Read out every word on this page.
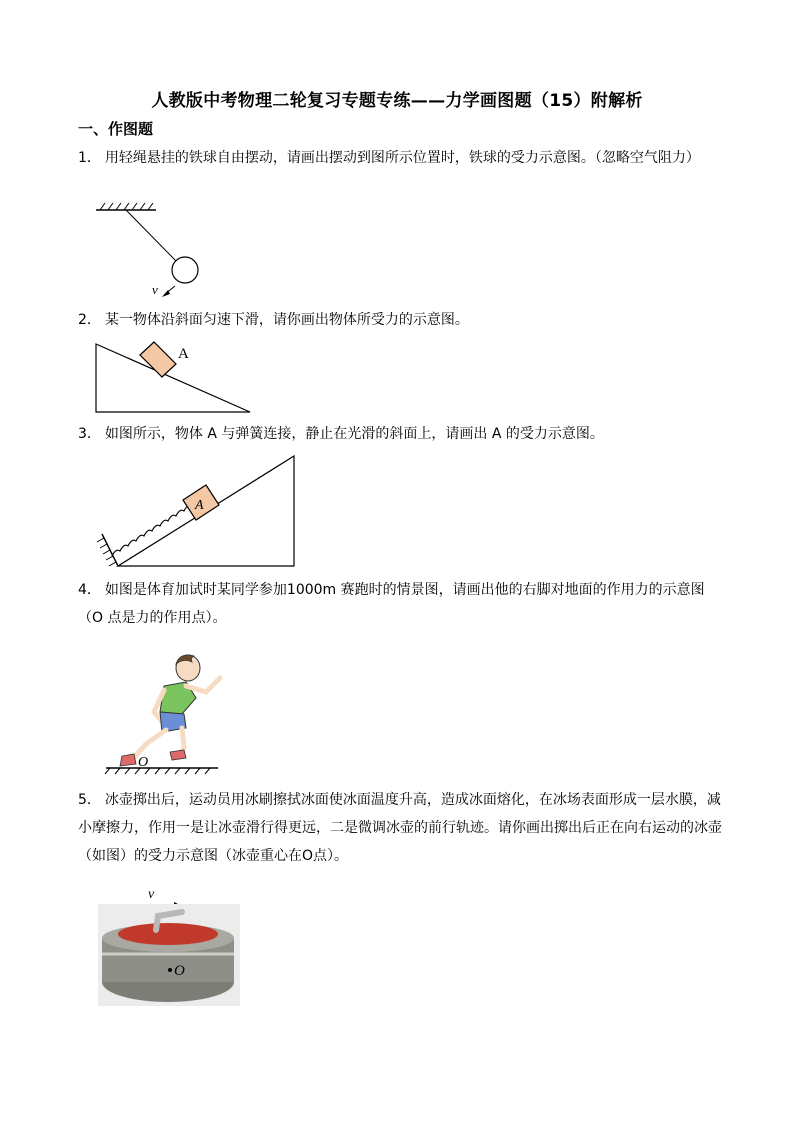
人教版中考物理二轮复习专题专练——力学画图题（15）附解析
一、作图题
1． 用轻绳悬挂的铁球自由摆动，请画出摆动到图所示位置时，铁球的受力示意图。（忽略空气阻力）
v
2． 某一物体沿斜面匀速下滑，请你画出物体所受力的示意图。
A
3． 如图所示，物体 A 与弹簧连接，静止在光滑的斜面上，请画出 A 的受力示意图。
A
4． 如图是体育加试时某同学参加1000m 赛跑时的情景图，请画出他的右脚对地面的作用力的示意图（O 点是力的作用点）。
O
5． 冰壶掷出后，运动员用冰刷擦拭冰面使冰面温度升高，造成冰面熔化，在冰场表面形成一层水膜，减小摩擦力，作用一是让冰壶滑行得更远，二是微调冰壶的前行轨迹。请你画出掷出后正在向右运动的冰壶（如图）的受力示意图（冰壶重心在O点）。
v
O
